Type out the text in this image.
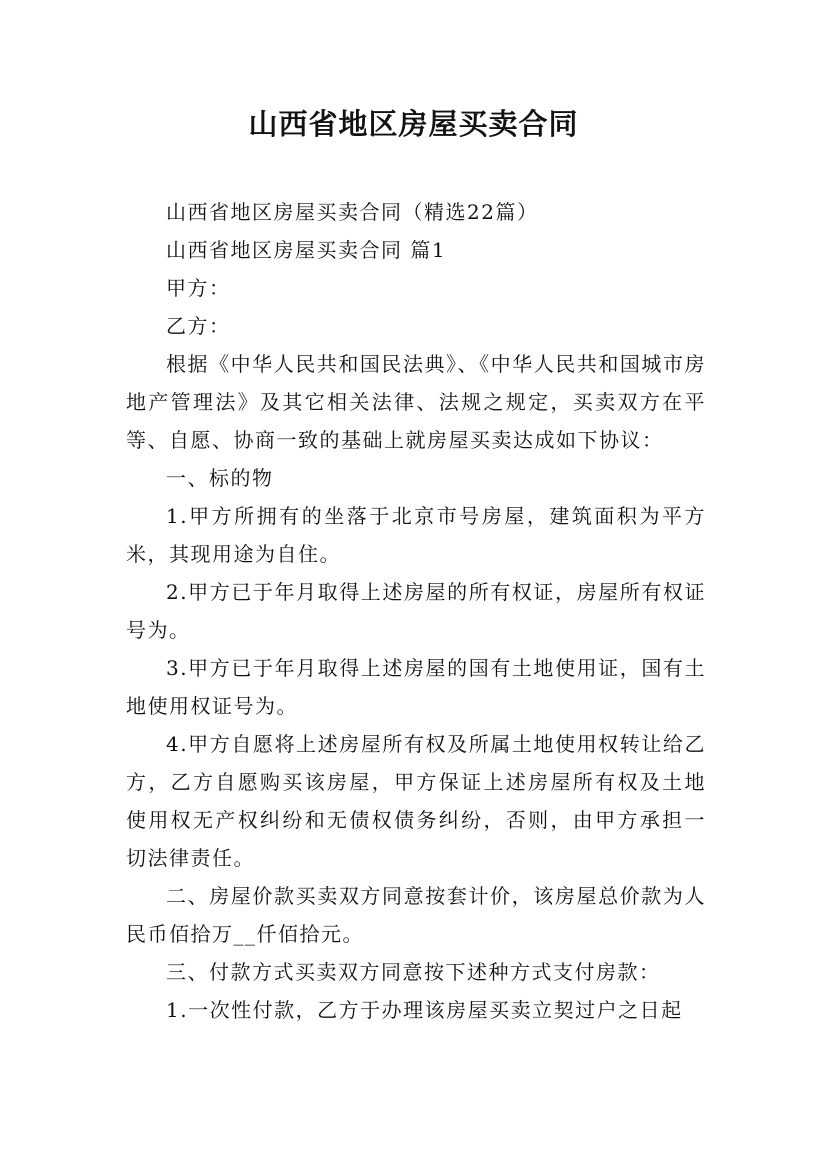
山西省地区房屋买卖合同

山西省地区房屋买卖合同（精选22篇）

山西省地区房屋买卖合同 篇1

甲方：

乙方：

根据《中华人民共和国民法典》、《中华人民共和国城市房地产管理法》及其它相关法律、法规之规定，买卖双方在平等、自愿、协商一致的基础上就房屋买卖达成如下协议：

一、标的物

1.甲方所拥有的坐落于北京市号房屋，建筑面积为平方米，其现用途为自住。

2.甲方已于年月取得上述房屋的所有权证，房屋所有权证号为。

3.甲方已于年月取得上述房屋的国有土地使用证，国有土地使用权证号为。

4.甲方自愿将上述房屋所有权及所属土地使用权转让给乙方，乙方自愿购买该房屋，甲方保证上述房屋所有权及土地使用权无产权纠纷和无债权债务纠纷，否则，由甲方承担一切法律责任。

二、房屋价款买卖双方同意按套计价，该房屋总价款为人民币佰拾万__仟佰拾元。

三、付款方式买卖双方同意按下述种方式支付房款：

1.一次性付款，乙方于办理该房屋买卖立契过户之日起
